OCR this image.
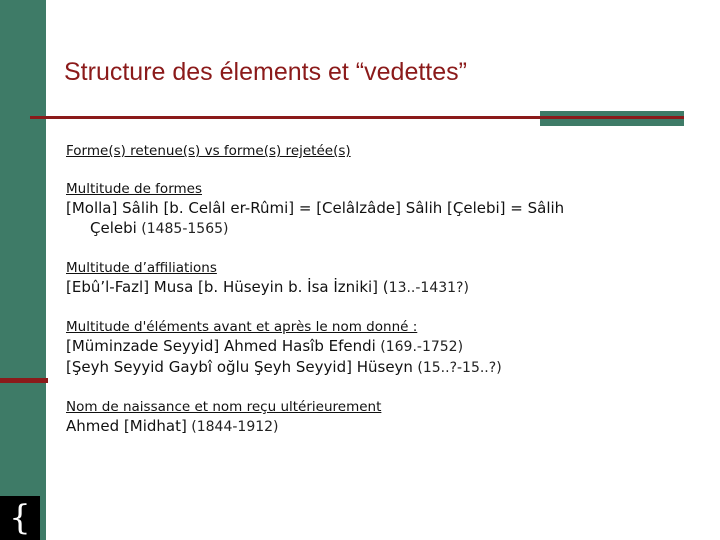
{
Structure des élements et “vedettes”
Forme(s) retenue(s) vs forme(s) rejetée(s)
Multitude de formes
[Molla] Sâlih [b. Celâl er-Rûmi] = [Celâlzâde] Sâlih [Çelebi] = Sâlih
Çelebi (1485-1565)
Multitude d’affiliations
[Ebû’l-Fazl] Musa [b. Hüseyin b. İsa İzniki] (13..-1431?)
Multitude d'éléments avant et après le nom donné :
[Müminzade Seyyid] Ahmed Hasîb Efendi (169.-1752)
[Şeyh Seyyid Gaybî oğlu Şeyh Seyyid] Hüseyn (15..?-15..?)
Nom de naissance et nom reçu ultérieurement
Ahmed [Midhat] (1844-1912)
